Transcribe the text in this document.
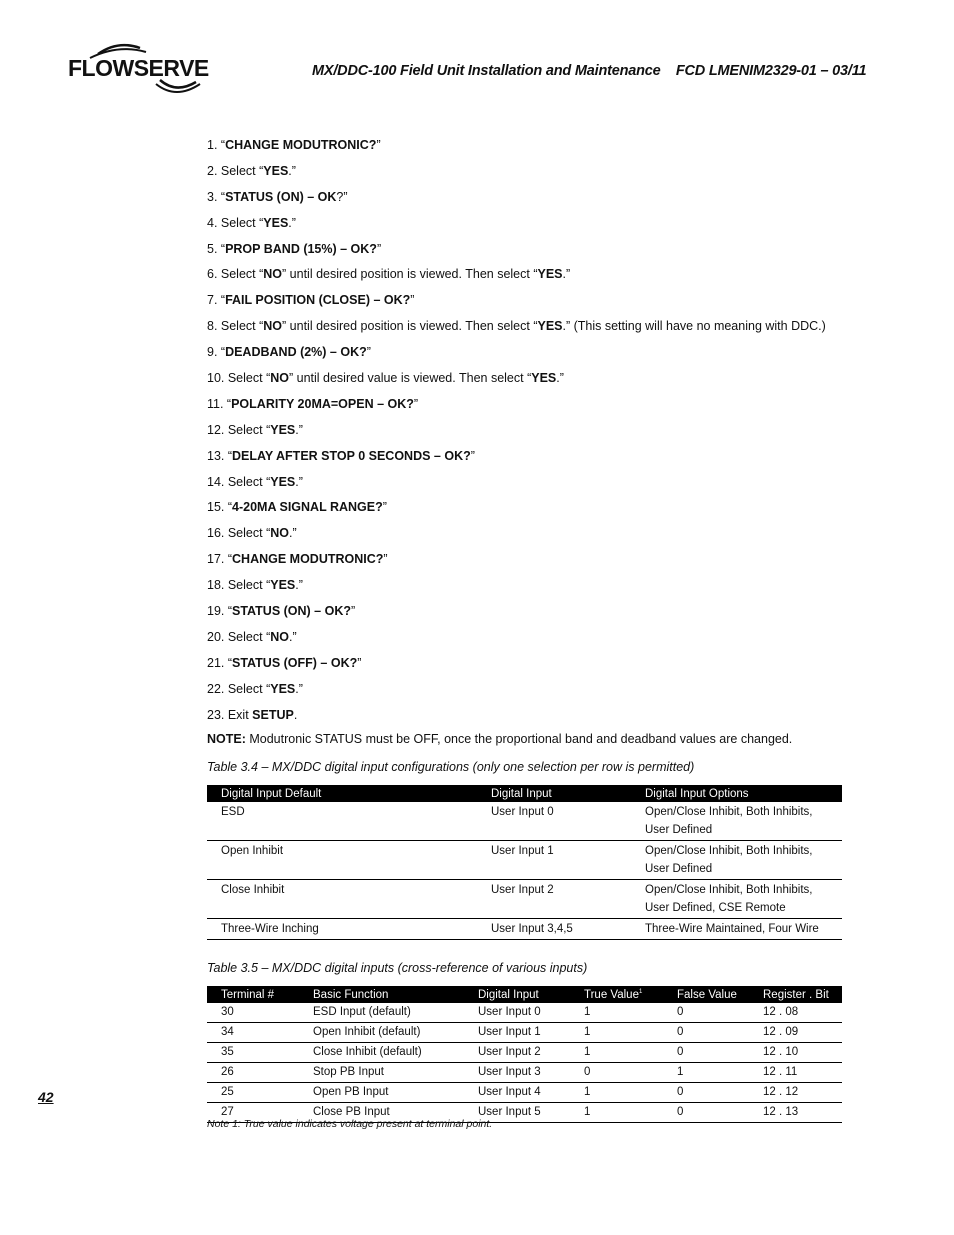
FLOWSERVE	MX/DDC-100 Field Unit Installation and Maintenance    FCD LMENIM2329-01 – 03/11
1. “CHANGE MODUTRONIC?”
2. Select “YES.”
3. “STATUS (ON) – OK?”
4. Select “YES.”
5. “PROP BAND (15%) – OK?”
6. Select “NO” until desired position is viewed. Then select “YES.”
7. “FAIL POSITION (CLOSE) – OK?”
8. Select “NO” until desired position is viewed. Then select “YES.” (This setting will have no meaning with DDC.)
9. “DEADBAND (2%) – OK?”
10. Select “NO” until desired value is viewed. Then select “YES.”
11. “POLARITY 20MA=OPEN – OK?”
12. Select “YES.”
13. “DELAY AFTER STOP 0 SECONDS – OK?”
14. Select “YES.”
15. “4-20MA SIGNAL RANGE?”
16. Select “NO.”
17. “CHANGE MODUTRONIC?”
18. Select “YES.”
19. “STATUS (ON) – OK?”
20. Select “NO.”
21. “STATUS (OFF) – OK?”
22. Select “YES.”
23. Exit SETUP.
NOTE: Modutronic STATUS must be OFF, once the proportional band and deadband values are changed.
Table 3.4 – MX/DDC digital input configurations (only one selection per row is permitted)
Digital Input Default	Digital Input	Digital Input Options
ESD	User Input 0	Open/Close Inhibit, Both Inhibits,
User Defined

Open Inhibit	User Input 1	Open/Close Inhibit, Both Inhibits,
User Defined

Close Inhibit	User Input 2	Open/Close Inhibit, Both Inhibits,
User Defined, CSE Remote

Three-Wire Inching	User Input 3,4,5	Three-Wire Maintained, Four Wire
Table 3.5 – MX/DDC digital inputs (cross-reference of various inputs)
Terminal #	Basic Function	Digital Input	True Value$^1$	False Value	Register . Bit
30	ESD Input (default)	User Input 0	1	0	12 . 08
34	Open Inhibit (default)	User Input 1	1	0	12 . 09
35	Close Inhibit (default)	User Input 2	1	0	12 . 10
26	Stop PB Input	User Input 3	0	1	12 . 11
25	Open PB Input	User Input 4	1	0	12 . 12
27	Close PB Input	User Input 5	1	0	12 . 13
Note 1: True value indicates voltage present at terminal point.
42
